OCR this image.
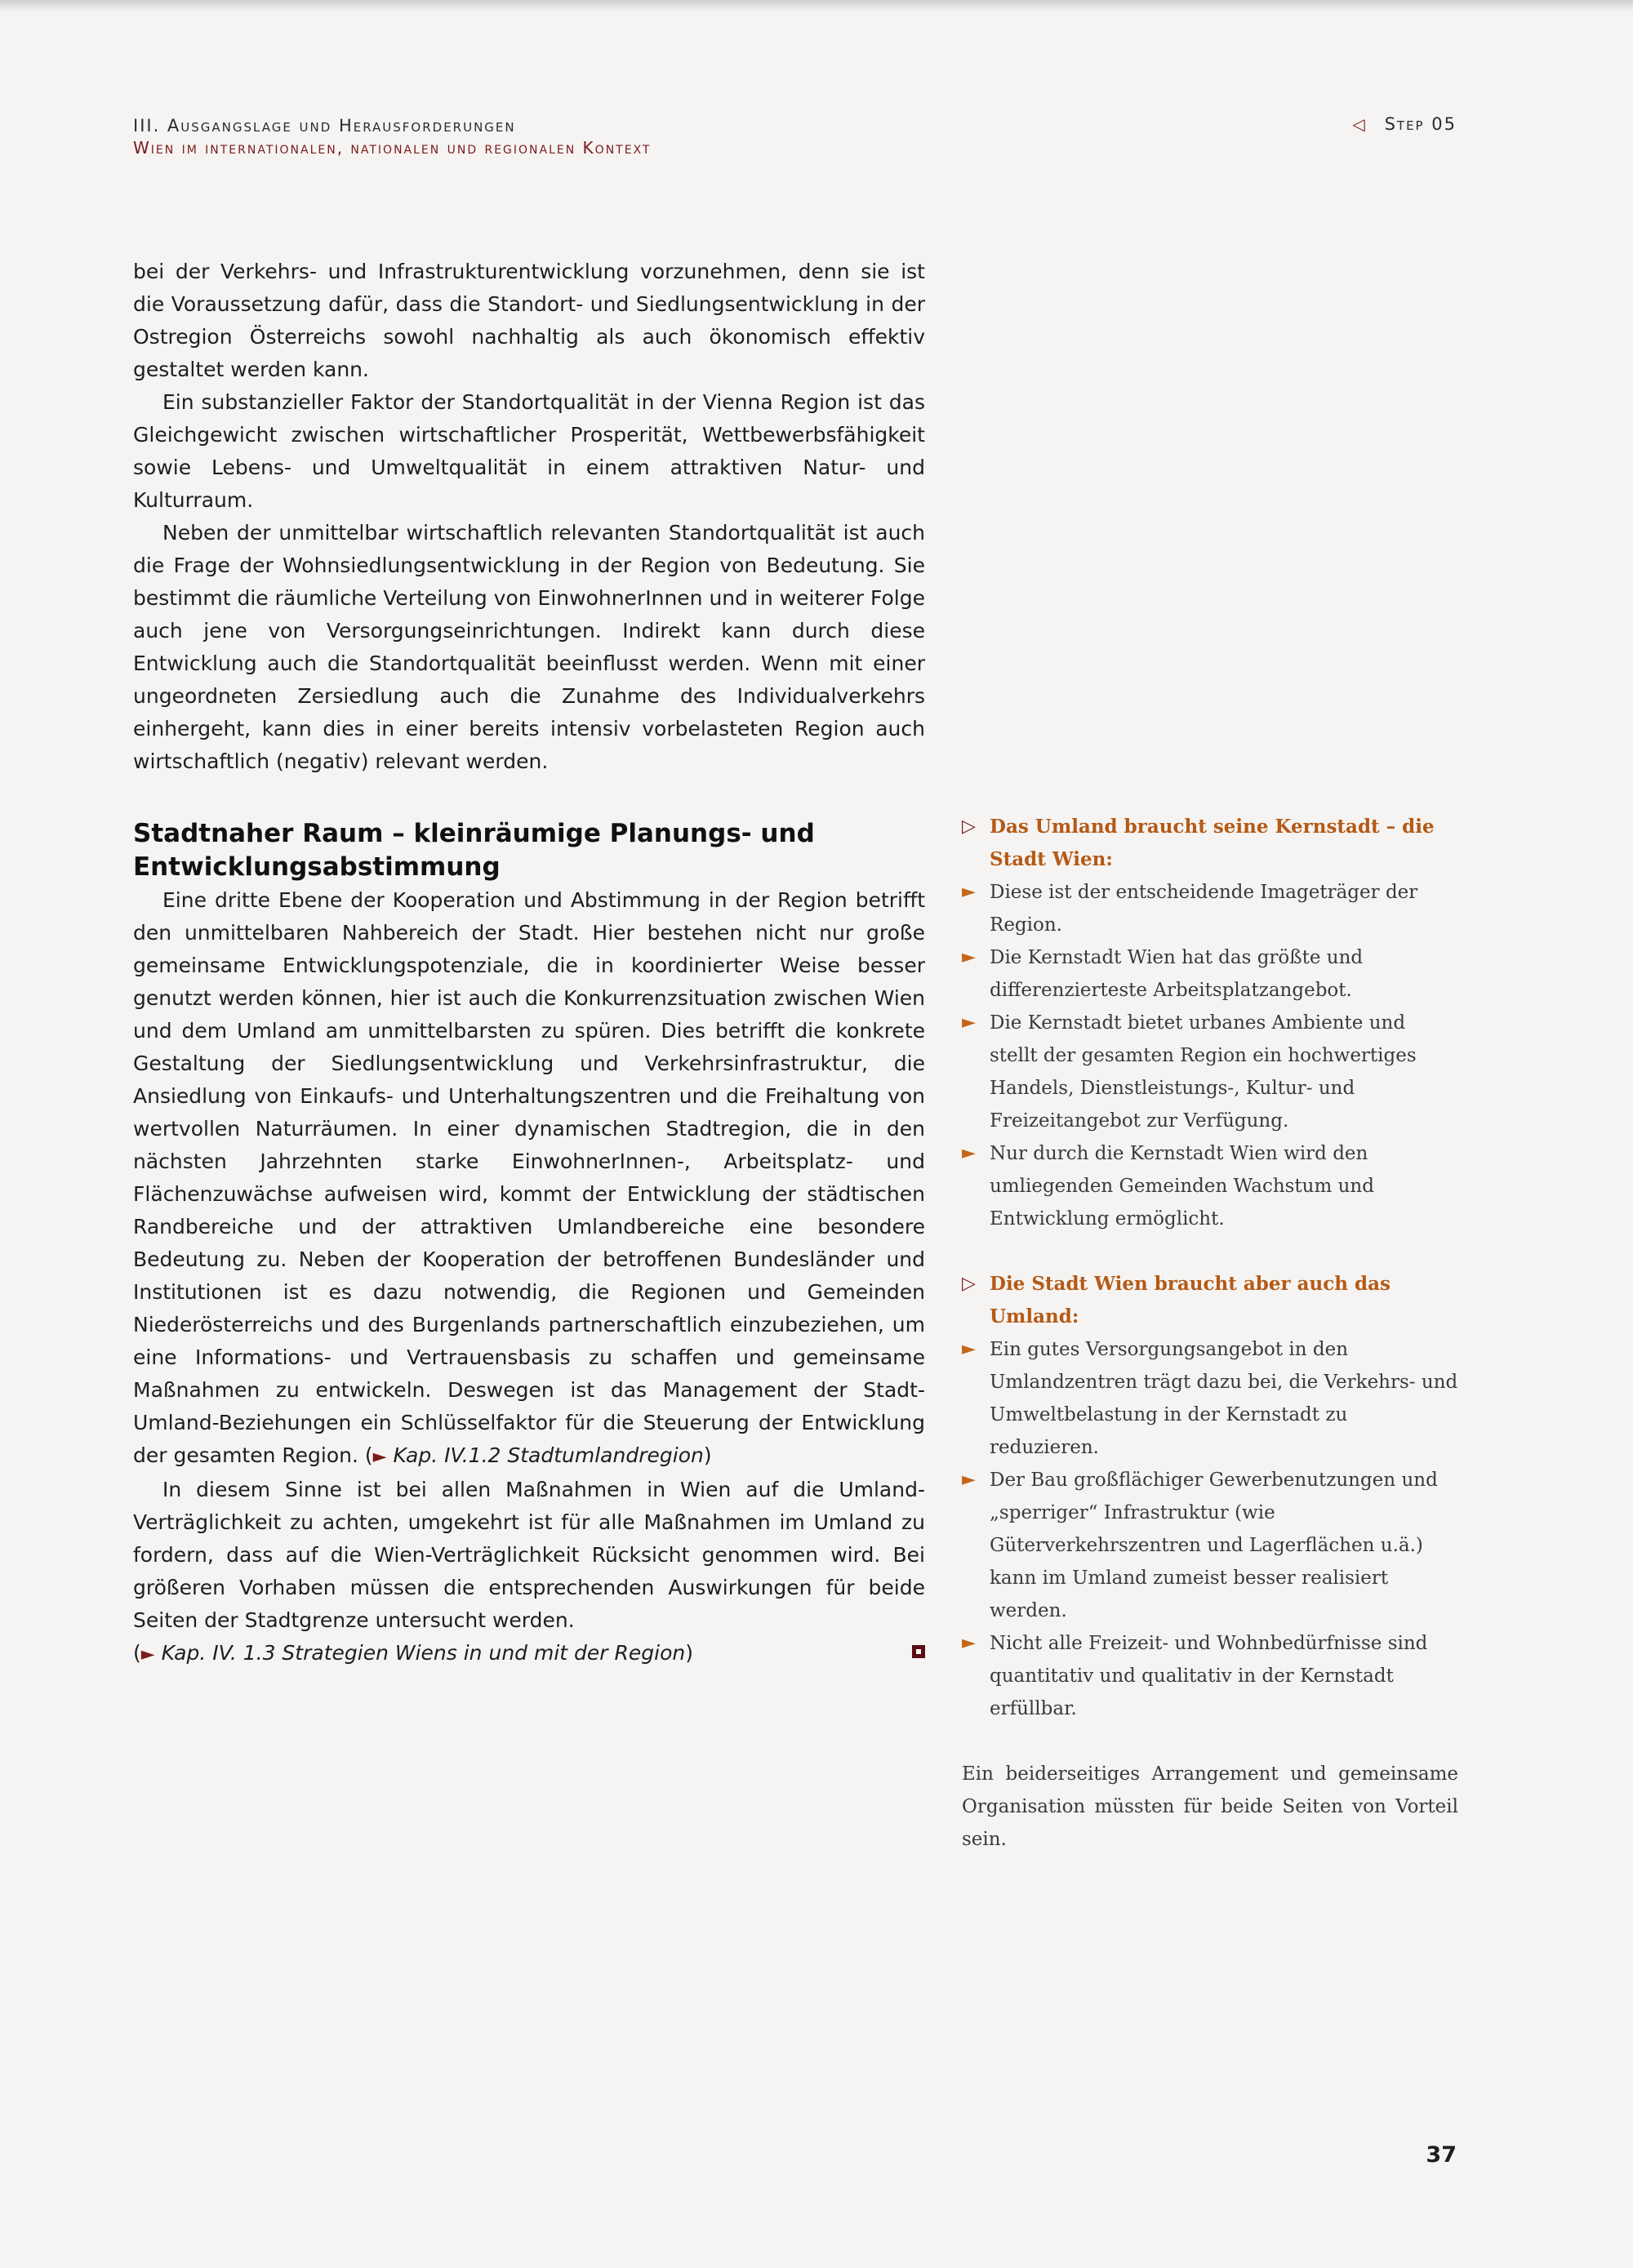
III. Ausgangslage und Herausforderungen
Wien im internationalen, nationalen und regionalen Kontext
◁ Step 05

bei der Verkehrs- und Infrastrukturentwicklung vorzunehmen, denn sie ist die Voraussetzung dafür, dass die Standort- und Siedlungsentwicklung in der Ostregion Österreichs sowohl nachhaltig als auch ökonomisch effektiv gestaltet werden kann.

Ein substanzieller Faktor der Standortqualität in der Vienna Region ist das Gleichgewicht zwischen wirtschaftlicher Prosperität, Wettbewerbsfähigkeit sowie Lebens- und Umweltqualität in einem attraktiven Natur- und Kulturraum.

Neben der unmittelbar wirtschaftlich relevanten Standortqualität ist auch die Frage der Wohnsiedlungsentwicklung in der Region von Bedeutung. Sie bestimmt die räumliche Verteilung von EinwohnerInnen und in weiterer Folge auch jene von Versorgungseinrichtungen. Indirekt kann durch diese Entwicklung auch die Standortqualität beeinflusst werden. Wenn mit einer ungeordneten Zersiedlung auch die Zunahme des Individualverkehrs einhergeht, kann dies in einer bereits intensiv vorbelasteten Region auch wirtschaftlich (negativ) relevant werden.

Stadtnaher Raum – kleinräumige Planungs- und Entwicklungsabstimmung

Eine dritte Ebene der Kooperation und Abstimmung in der Region betrifft den unmittelbaren Nahbereich der Stadt. Hier bestehen nicht nur große gemeinsame Entwicklungspotenziale, die in koordinierter Weise besser genutzt werden können, hier ist auch die Konkurrenzsituation zwischen Wien und dem Umland am unmittelbarsten zu spüren. Dies betrifft die konkrete Gestaltung der Siedlungsentwicklung und Verkehrsinfrastruktur, die Ansiedlung von Einkaufs- und Unterhaltungszentren und die Freihaltung von wertvollen Naturräumen. In einer dynamischen Stadtregion, die in den nächsten Jahrzehnten starke EinwohnerInnen-, Arbeitsplatz- und Flächenzuwächse aufweisen wird, kommt der Entwicklung der städtischen Randbereiche und der attraktiven Umlandbereiche eine besondere Bedeutung zu. Neben der Kooperation der betroffenen Bundesländer und Institutionen ist es dazu notwendig, die Regionen und Gemeinden Niederösterreichs und des Burgenlands partnerschaftlich einzubeziehen, um eine Informations- und Vertrauensbasis zu schaffen und gemeinsame Maßnahmen zu entwickeln. Deswegen ist das Management der Stadt-Umland-Beziehungen ein Schlüsselfaktor für die Steuerung der Entwicklung der gesamten Region. (► Kap. IV.1.2 Stadtumlandregion)

In diesem Sinne ist bei allen Maßnahmen in Wien auf die Umland-Verträglichkeit zu achten, umgekehrt ist für alle Maßnahmen im Umland zu fordern, dass auf die Wien-Verträglichkeit Rücksicht genommen wird. Bei größeren Vorhaben müssen die entsprechenden Auswirkungen für beide Seiten der Stadtgrenze untersucht werden.

(► Kap. IV. 1.3 Strategien Wiens in und mit der Region)

▷ Das Umland braucht seine Kernstadt – die Stadt Wien:
► Diese ist der entscheidende Imageträger der Region.
► Die Kernstadt Wien hat das größte und differenzierteste Arbeitsplatzangebot.
► Die Kernstadt bietet urbanes Ambiente und stellt der gesamten Region ein hochwertiges Handels, Dienstleistungs-, Kultur- und Freizeitangebot zur Verfügung.
► Nur durch die Kernstadt Wien wird den umliegenden Gemeinden Wachstum und Entwicklung ermöglicht.
▷ Die Stadt Wien braucht aber auch das Umland:
► Ein gutes Versorgungsangebot in den Umlandzentren trägt dazu bei, die Verkehrs- und Umweltbelastung in der Kernstadt zu reduzieren.
► Der Bau großflächiger Gewerbenutzungen und „sperriger“ Infrastruktur (wie Güterverkehrszentren und Lagerflächen u.ä.) kann im Umland zumeist besser realisiert werden.
► Nicht alle Freizeit- und Wohnbedürfnisse sind quantitativ und qualitativ in der Kernstadt erfüllbar.

Ein beiderseitiges Arrangement und gemeinsame Organisation müssten für beide Seiten von Vorteil sein.

37
